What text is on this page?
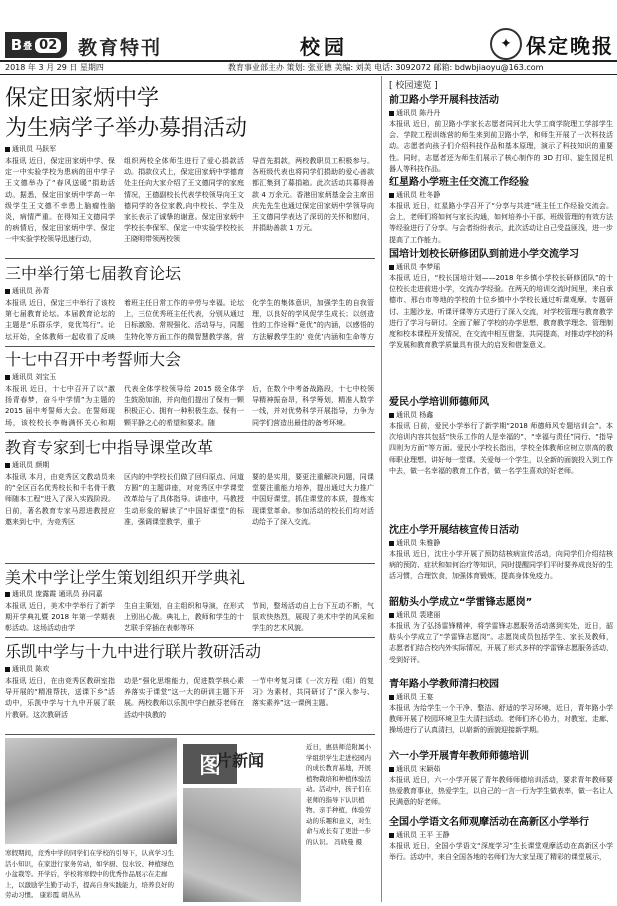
B 叠 02 教育特刊	校园	✦ 保定晚报
2018 年 3 月 29 日 星期四	教育事业部主办 策划: 张亚德 美编: 刘美 电话: 3092072 邮箱: bdwbjiaoyu@163.com
保定田家炳中学
为生病学子举办募捐活动
通讯员 马跃军
本报讯 近日，保定田家炳中学、保定一中实验学校为患病的田中学子王文德举办了“春风送暖”捐助活动。据悉，保定田家炳中学高一年级学生王文德不幸患上脑瘤性脑炎，病情严重。在得知王文德同学的病情后，保定田家炳中学、保定一中实验学校领导迅速行动，
组织两校全体师生进行了爱心捐款活动。捐款仪式上，保定田家炳中学德育处主任向大家介绍了王文德同学的家庭情况，王德副校长代表学校领导向王文德同学的各位家教,向中校长、学生及家长表示了诚挚的谢意。保定田家炳中学校长李保军、保定一中实验学校校长王晓明带领两校领
导首先捐款，两校教职员工积极参与。各班级代表也将同学们捐助的爱心善款都汇集到了募捐箱。此次活动共募得善款 4 万余元。香港田家炳基金会主席田庆先先生也通过保定田家炳中学领导向王文德同学表达了深切的关怀和慰问，并捐助善款 1 万元。
三中举行第七届教育论坛
通讯员 孙青
本报讯 近日，保定三中举行了该校第七届教育论坛。本届教育论坛的主题是“乐群乐学，竞优笃行”。论坛开始，全体教师一起收看了反映
着班主任日常工作的辛劳与幸福。论坛上，三位优秀班主任代表，分别从通过日标激励、常规强化、活动导与，同题生特化等方面工作的微智慧教学落，营
化学生的集体意识，加强学生的自我管理，以良好的学风促学生成长；以创造性的工作诠释“竟优”的内涵，以感悟的方法解教学生的‘ 竞优’内涵和生命等方
十七中召开中考誓师大会
通讯员 刘宝玉
本报讯 近日，十七中召开了以“激扬青春梦，奋斗中学情”为主题的 2015 届中考誓师大会。在誓师现场，该校校长李梅满怀关心和期
代表全体学校领导给 2015 级全体学生鼓励加油，并向他们提出了保有一颗积极正心、拥有一种积极生态、保有一颗平静之心的希望和要求。随
后，在数个中考备战路段，十七中校领导精神振奋昂，科学筹划，精准人数学一线，并对优势科学开展指导，力争为同学们营造出最佳的备考环境。
教育专家到七中指导课堂改革
通讯员 颜期
本报讯 本月，由竞秀区文教动员来的“全区百名优秀校长和千名骨干教师随本工程”进入了深入实践阶段。日前，著名教育专家马恩进教授应邀来到七中，为竞秀区
区内的中学校长们做了回归原点、问道方圆”的主题讲座，对竞秀区中学课堂改革给与了具体指导。讲座中，马教授生动形象的解读了“中国好课堂”的标准，强调课堂教学，重于
要的是实用，要更注重解决问题，同课堂要注重能力培养，提出通过大力推广中国好课堂，抓住课堂的本质，提炼实现课堂革命。参加活动的校长们均对活动给予了深入交流。
美术中学让学生策划组织开学典礼
通讯员 庞露霞 通讯员 孙同嘉
本报讯 近日，美术中学举行了新学期开学典礼暨 2018 年第一学期表彰活动。这场活动由学
生自主策划，自主组织和导演，在形式上别出心裁。典礼上，教师和学生的十艺联手穿插在表彰等环
节间，整场活动自上台下互动不断，气氛欢快热烈，展现了美术中学的风采和学生的艺术风貌。
乐凯中学与十九中进行联片教研活动
通讯员 陈欢
本报讯 近日，在由竞秀区教研室指导开展的“精准帮扶，送课下乡”活动中，乐凯中学与十九中开展了联片教研。这次教研活
动是“强化思维能力，促进数学核心素养落实于课堂”这一大的研训主题下开展。两校教师以乐凯中学白献芬老师在活动中执教的
一节中考复习课《一次方程（组）的复习》为素材，共同研讨了“深入参与、落实素养”这一课例主题。
寒假期间，竞秀中学的同学们在学校的引导下，认真学习生活小知识，在家进行家务劳动，如学厨、包水饺、种植绿色小盆栽等。开学后，学校将寒假中的优秀作品展示在走廊上，以激励学生勤于动手，提高自身实践能力，培养良好的劳动习惯。 康彩霞 胡丛丛
图
片新闻
近日，惠县师范附属小学组织学生走进校园内的成长教育基地，开展植物栽培和种植体验活动。活动中，孩子们在老师的指导下认识植物、亲手种植，体验劳动的乐趣和意义，对生命与成长有了更进一步的认识。 冯晓曼 摄
[ 校园速览 ]
前卫路小学开展科技活动
通讯员 陈丹丹
本报讯 近日，前卫路小学家长志愿者同河北大学工商学院理工学部学生会、学院工程训练营的师生来到前卫路小学，和师生开展了一次科技活动。志愿者向孩子们介绍科技作品和基本原理，演示了科技知识的重要性。同时，志愿者还为师生们展示了核心制作的 3D 打印、旋生园足机器人等科技作品。
红星路小学班主任交流工作经验
通讯员 杜冬静
本报讯 近日，红星路小学召开了“分享与共进”班主任工作经验交流会。会上，老师们将如何与家长沟通，如何培养小干部，班级管理的有效方法等经验进行了分享。与会者纷纷表示，此次活动让自己受益匪浅，进一步提高了工作能力。
国培计划校长研修团队到前进小学交流学习
通讯员 李梦瑶
本报讯 近日，“校长国培计划——2018 年乡镇小学校长研修团队”的十位校长走进前进小学，交流办学经验。在两天的培训交流时间里，来自承德市、邢台市等地的学校的十位乡镇中小学校长通过听课观摩、专题研讨、主题沙龙、听课评课等方式进行了深入交流，对学校管理与教育教学进行了学习与研讨。全面了解了学校的办学思想、教育教学理念、管理制度和校本课程开发情况，在交流中相互借鉴，共同提高，对推动学校的科学发展和教育教学质量具有很大的启发和借鉴意义。
爱民小学培训师德师风
通讯员 杨鑫
本报讯 日前，爱民小学举行了新学期“2018 师德师风专题培训会”。本次培训内容共包括“快乐工作的人是幸福的”、“幸福与责任”同行、“指导四则为方面”等方面。爱民小学校长指出，学校全体教师应树立崇高的教师职业理想、讲好每一堂课、关爱每一个学生，以全新的面貌投入到工作中去，做一名幸福的教育工作者，做一名学生喜欢的好老师。
沈庄小学开展结核宣传日活动
通讯员 朱雅静
本报讯 近日，沈庄小学开展了预防结核病宣传活动，向同学们介绍结核病的预防、症状和如何治疗等知识，同时提醒同学们平时要养成良好的生活习惯，合理饮食，加强体育锻炼，提高身体免疫力。
韶舫头小学成立“学雷锋志愿岗”
通讯员 裴建丽
本报讯 为了弘扬雷锋精神，将学雷锋志愿服务活动落到实处，近日，韶舫头小学成立了“学雷锋志愿岗”。志愿岗成员包括学生、家长及教师，志愿者们结合校内外实际情况，开展了形式多样的学雷锋志愿服务活动，受到好评。
青年路小学教师清扫校园
通讯员 王宴
本报讯 为给学生一个干净、整洁、舒适的学习环境，近日，青年路小学教师开展了校园环境卫生大清扫活动。老师们齐心协力，对教室、走廊、操场进行了认真清扫，以崭新的面貌迎接新学期。
六一小学开展青年教师师德培训
通讯员 宋颖茹
本报讯 近日，六一小学开展了青年教师师德培训活动，要求青年教师要热爱教育事业，热爱学生，以自己的一言一行为学生做表率，做一名让人民满意的好老师。
全国小学语文名师观摩活动在高新区小学举行
通讯员 王平 王静
本报讯 近日，全国小学语文“深度学习”生长课堂观摩活动在高新区小学举行。活动中，来自全国各地的名师们为大家呈现了精彩的课堂展示，
